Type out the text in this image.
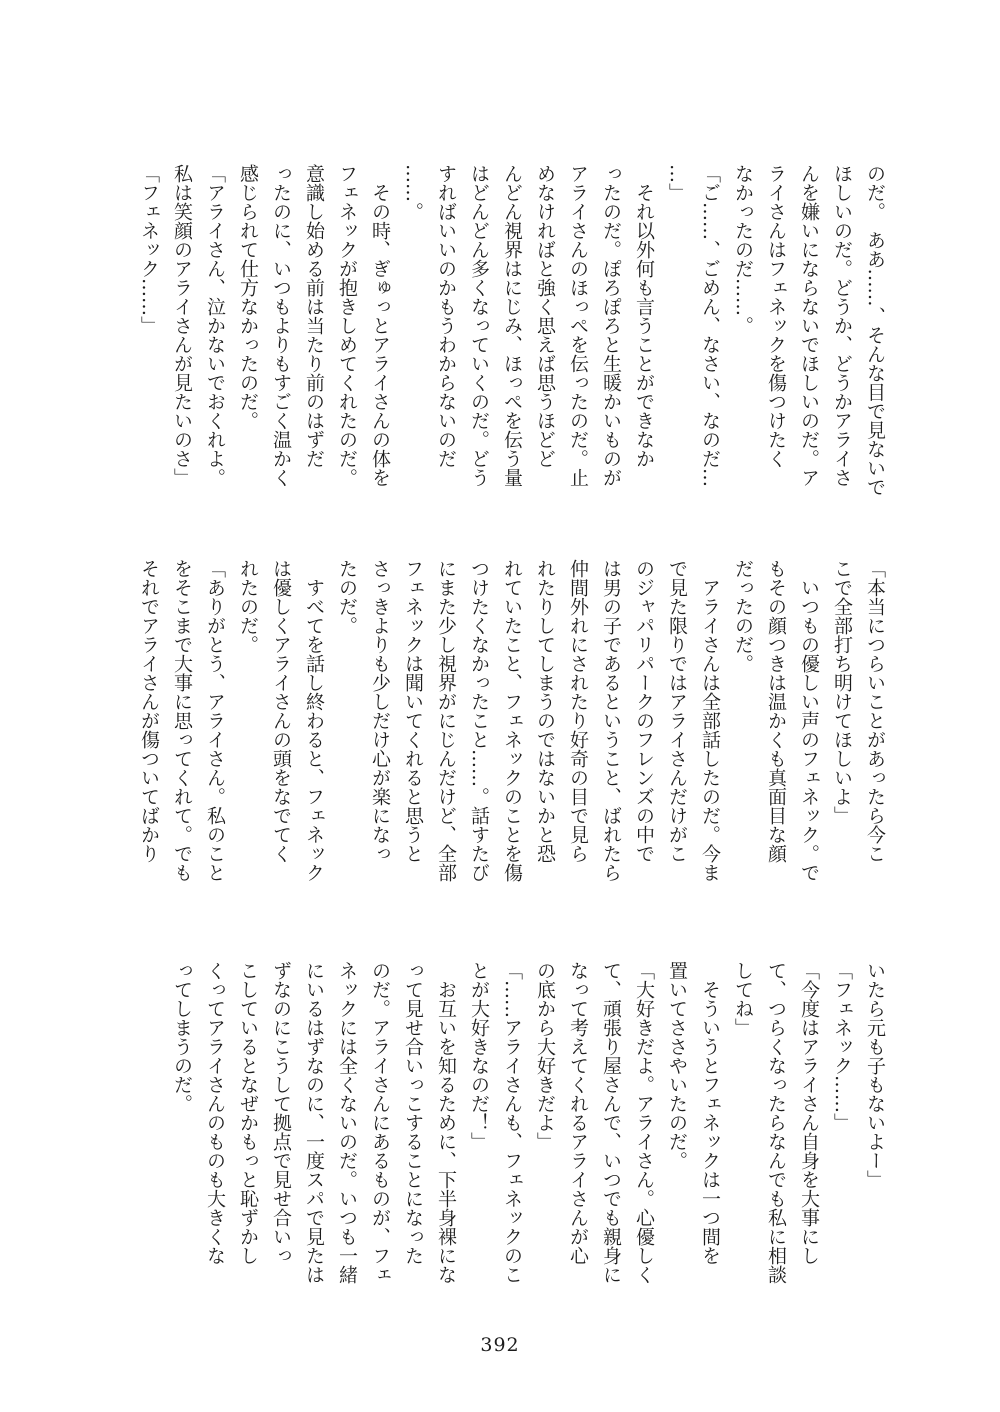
のだ。　ああ……、そんな目で見ないで

ほしいのだ。どうか、どうかアライさ

んを嫌いにならないでほしいのだ。ア

ライさんはフェネックを傷つけたく

なかったのだ……。

「ご……、ごめん、なさい、なのだ…

…」

　それ以外何も言うことができなか

ったのだ。ぽろぽろと生暖かいものが

アライさんのほっぺを伝ったのだ。止

めなければと強く思えば思うほどど

んどん視界はにじみ、ほっぺを伝う量

はどんどん多くなっていくのだ。どう

すればいいのかもうわからないのだ

……。

　その時、ぎゅっとアライさんの体を

フェネックが抱きしめてくれたのだ。

意識し始める前は当たり前のはずだ

ったのに、いつもよりもすごく温かく

感じられて仕方なかったのだ。

「アライさん、泣かないでおくれよ。

私は笑顔のアライさんが見たいのさ」

「フェネック……」

「本当につらいことがあったら今こ

こで全部打ち明けてほしいよ」

　いつもの優しい声のフェネック。で

もその顔つきは温かくも真面目な顔

だったのだ。

　アライさんは全部話したのだ。今ま

で見た限りではアライさんだけがこ

のジャパリパークのフレンズの中で

は男の子であるということ、ばれたら

仲間外れにされたり好奇の目で見ら

れたりしてしまうのではないかと恐

れていたこと、フェネックのことを傷

つけたくなかったこと……。話すたび

にまた少し視界がにじんだけど、全部

フェネックは聞いてくれると思うと

さっきよりも少しだけ心が楽になっ

たのだ。

　すべてを話し終わると、フェネック

は優しくアライさんの頭をなでてく

れたのだ。

「ありがとう、アライさん。私のこと

をそこまで大事に思ってくれて。でも

それでアライさんが傷ついてばかり

いたら元も子もないよー」

「フェネック……」

「今度はアライさん自身を大事にし

て、つらくなったらなんでも私に相談

してね」

　そういうとフェネックは一つ間を

置いてささやいたのだ。

「大好きだよ。アライさん。心優しく

て、頑張り屋さんで、いつでも親身に

なって考えてくれるアライさんが心

の底から大好きだよ」

「……アライさんも、フェネックのこ

とが大好きなのだ！」

　お互いを知るために、下半身裸にな

って見せ合いっこすることになった

のだ。アライさんにあるものが、フェ

ネックには全くないのだ。いつも一緒

にいるはずなのに、一度スパで見たは

ずなのにこうして拠点で見せ合いっ

こしているとなぜかもっと恥ずかし

くってアライさんのものも大きくな

ってしまうのだ。

392
